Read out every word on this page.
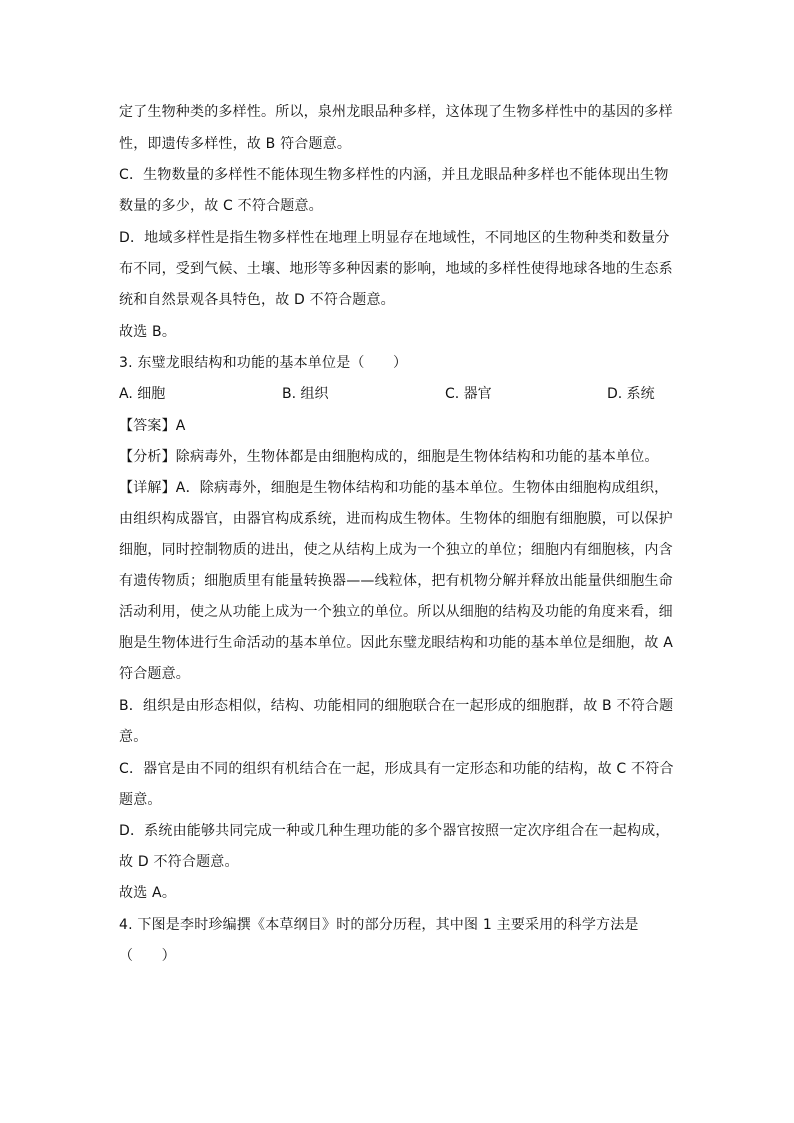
定了生物种类的多样性。所以，泉州龙眼品种多样，这体现了生物多样性中的基因的多样
性，即遗传多样性，故 B 符合题意。
C．生物数量的多样性不能体现生物多样性的内涵，并且龙眼品种多样也不能体现出生物
数量的多少，故 C 不符合题意。
D．地域多样性是指生物多样性在地理上明显存在地域性，不同地区的生物种类和数量分
布不同，受到气候、土壤、地形等多种因素的影响，地域的多样性使得地球各地的生态系
统和自然景观各具特色，故 D 不符合题意。
故选 B。
3. 东璧龙眼结构和功能的基本单位是（　　）
A. 细胞	B. 组织	C. 器官	D. 系统
【答案】A
【分析】除病毒外，生物体都是由细胞构成的，细胞是生物体结构和功能的基本单位。
【详解】A．除病毒外，细胞是生物体结构和功能的基本单位。生物体由细胞构成组织，
由组织构成器官，由器官构成系统，进而构成生物体。生物体的细胞有细胞膜，可以保护
细胞，同时控制物质的进出，使之从结构上成为一个独立的单位；细胞内有细胞核，内含
有遗传物质；细胞质里有能量转换器——线粒体，把有机物分解并释放出能量供细胞生命
活动利用，使之从功能上成为一个独立的单位。所以从细胞的结构及功能的角度来看，细
胞是生物体进行生命活动的基本单位。因此东璧龙眼结构和功能的基本单位是细胞，故 A
符合题意。
B．组织是由形态相似，结构、功能相同的细胞联合在一起形成的细胞群，故 B 不符合题
意。
C．器官是由不同的组织有机结合在一起，形成具有一定形态和功能的结构，故 C 不符合
题意。
D．系统由能够共同完成一种或几种生理功能的多个器官按照一定次序组合在一起构成，
故 D 不符合题意。
故选 A。
4. 下图是李时珍编撰《本草纲目》时的部分历程，其中图 1 主要采用的科学方法是
（　　）
